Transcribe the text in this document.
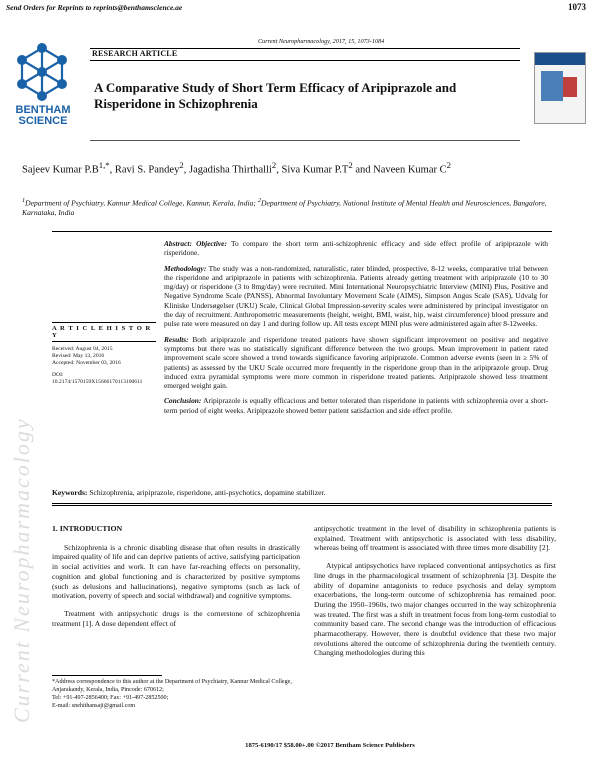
Current Neuropharmacology
Send Orders for Reprints to reprints@benthamscience.ae	1073
BENTHAM
SCIENCE
Current Neuropharmacology, 2017, 15, 1073-1084
RESEARCH ARTICLE
A Comparative Study of Short Term Efficacy of Aripiprazole and Risperidone in Schizophrenia
Sajeev Kumar $P.B^{1,*}$, Ravi S. Pandey$^2$, Jagadisha Thirthalli$^2$, Siva Kumar $P.T^2$ and Naveen Kumar $C^2$
$^1$Department of Psychiatry, Kannur Medical College, Kannur, Kerala, India; $^2$Department of Psychiatry, National Institute of Mental Health and Neurosciences, Bangalore, Karnataka, India
A R T I C L E H I S T O R Y
Received: August 04, 2015
Revised: May 13, 2016
Accepted: November 03, 2016
DOI:
10.2174/1570159X15666170113100611

Abstract: Objective: To compare the short term anti-schizophrenic efficacy and side effect profile of aripiprazole with risperidone.

Methodology: The study was a non-randomized, naturalistic, rater blinded, prospective, 8-12 weeks, comparative trial between the risperidone and aripiprazole in patients with schizophrenia. Patients already getting treatment with aripiprazole (10 to 30 mg/day) or risperidone (3 to 8mg/day) were recruited. Mini International Neuropsychiatric Interview (MINI) Plus, Positive and Negative Syndrome Scale (PANSS), Abnormal Involuntary Movement Scale (AIMS), Simpson Angus Scale (SAS), Udvalg for Kliniske Undersøgelser (UKU) Scale, Clinical Global Impression-severity scales were administered by principal investigator on the day of recruitment. Anthropometric measurements (height, weight, BMI, waist, hip, waist circumference) blood pressure and pulse rate were measured on day 1 and during follow up. All tests except MINI plus were administered again after 8-12weeks.

Results: Both aripiprazole and risperidone treated patients have shown significant improvement on positive and negative symptoms but there was no statistically significant difference between the two groups. Mean improvement in patient rated improvement scale score showed a trend towards significance favoring aripiprazole. Common adverse events (seen in ≥ 5% of patients) as assessed by the UKU Scale occurred more frequently in the risperidone group than in the aripiprazole group. Drug induced extra pyramidal symptoms were more common in risperidone treated patients. Aripiprazole showed less treatment emerged weight gain.

Conclusion: Aripiprazole is equally efficacious and better tolerated than risperidone in patients with schizophrenia over a short-term period of eight weeks. Aripiprazole showed better patient satisfaction and side effect profile.

Keywords: Schizophrenia, aripiprazole, risperidone, anti-psychotics, dopamine stabilizer.
1. INTRODUCTION

Schizophrenia is a chronic disabling disease that often results in drastically impaired quality of life and can deprive patients of active, satisfying participation in social activities and work. It can have far-reaching effects on personality, cognition and global functioning and is characterized by positive symptoms (such as delusions and hallucinations), negative symptoms (such as lack of motivation, poverty of speech and social withdrawal) and cognitive symptoms.

Treatment with antipsychotic drugs is the cornerstone of schizophrenia treatment [1]. A dose dependent effect of

antipsychotic treatment in the level of disability in schizophrenia patients is explained. Treatment with antipsychotic is associated with less disability, whereas being off treatment is associated with three times more disability [2].

Atypical antipsychotics have replaced conventional antipsychotics as first line drugs in the pharmacological treatment of schizophrenia [3]. Despite the ability of dopamine antagonists to reduce psychosis and delay symptom exacerbations, the long-term outcome of schizophrenia has remained poor. During the 1950–1960s, two major changes occurred in the way schizophrenia was treated. The first was a shift in treatment focus from long-term custodial to community based care. The second change was the introduction of efficacious pharmacotherapy. However, there is doubtful evidence that these two major revolutions altered the outcome of schizophrenia during the twentieth century. Changing methodologies during this

*Address correspondence to this author at the Department of Psychiatry, Kannur Medical College, Anjarakandy, Kerala, India, Pincode: 670612;
Tel: +91-497-2856400; Fax: +91-497-2852500;
E-mail: snehithansaji@gmail.com
1875-6190/17 $58.00+.00 ©2017 Bentham Science Publishers
